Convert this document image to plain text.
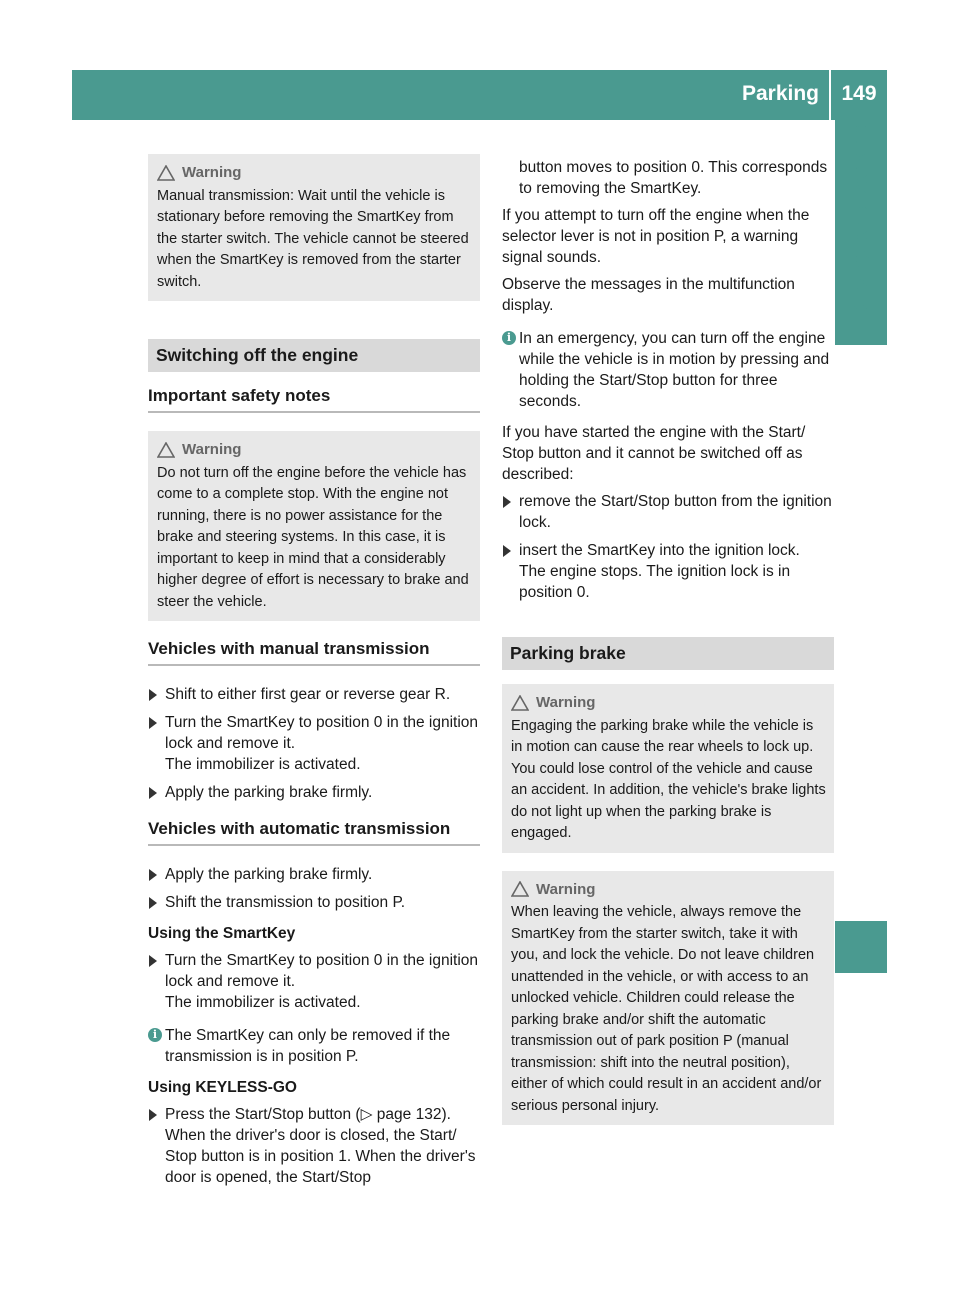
Parking	149
Driving and parking
Warning
Manual transmission: Wait until the vehicle is stationary before removing the SmartKey from the starter switch. The vehicle cannot be steered when the SmartKey is removed from the starter switch.
Switching off the engine
Important safety notes
Warning
Do not turn off the engine before the vehicle has come to a complete stop. With the engine not running, there is no power assistance for the brake and steering systems. In this case, it is important to keep in mind that a considerably higher degree of effort is necessary to brake and steer the vehicle.
Vehicles with manual transmission
Shift to either first gear or reverse gear R.
Turn the SmartKey to position 0 in the ignition lock and remove it.
The immobilizer is activated.
Apply the parking brake firmly.
Vehicles with automatic transmission
Apply the parking brake firmly.
Shift the transmission to position P.
Using the SmartKey
Turn the SmartKey to position 0 in the ignition lock and remove it.
The immobilizer is activated.
i The SmartKey can only be removed if the transmission is in position P.
Using KEYLESS-GO
Press the Start/Stop button (▷ page 132).
When the driver's door is closed, the Start/ Stop button is in position 1. When the driver's door is opened, the Start/Stop
button moves to position 0. This corresponds to removing the SmartKey.
If you attempt to turn off the engine when the selector lever is not in position P, a warning signal sounds.
Observe the messages in the multifunction display.
i In an emergency, you can turn off the engine while the vehicle is in motion by pressing and holding the Start/Stop button for three seconds.
If you have started the engine with the Start/ Stop button and it cannot be switched off as described:
remove the Start/Stop button from the ignition lock.
insert the SmartKey into the ignition lock.
The engine stops. The ignition lock is in position 0.
Parking brake
Warning
Engaging the parking brake while the vehicle is in motion can cause the rear wheels to lock up. You could lose control of the vehicle and cause an accident. In addition, the vehicle's brake lights do not light up when the parking brake is engaged.
Warning
When leaving the vehicle, always remove the SmartKey from the starter switch, take it with you, and lock the vehicle. Do not leave children unattended in the vehicle, or with access to an unlocked vehicle. Children could release the parking brake and/or shift the automatic transmission out of park position P (manual transmission: shift into the neutral position), either of which could result in an accident and/or serious personal injury.
